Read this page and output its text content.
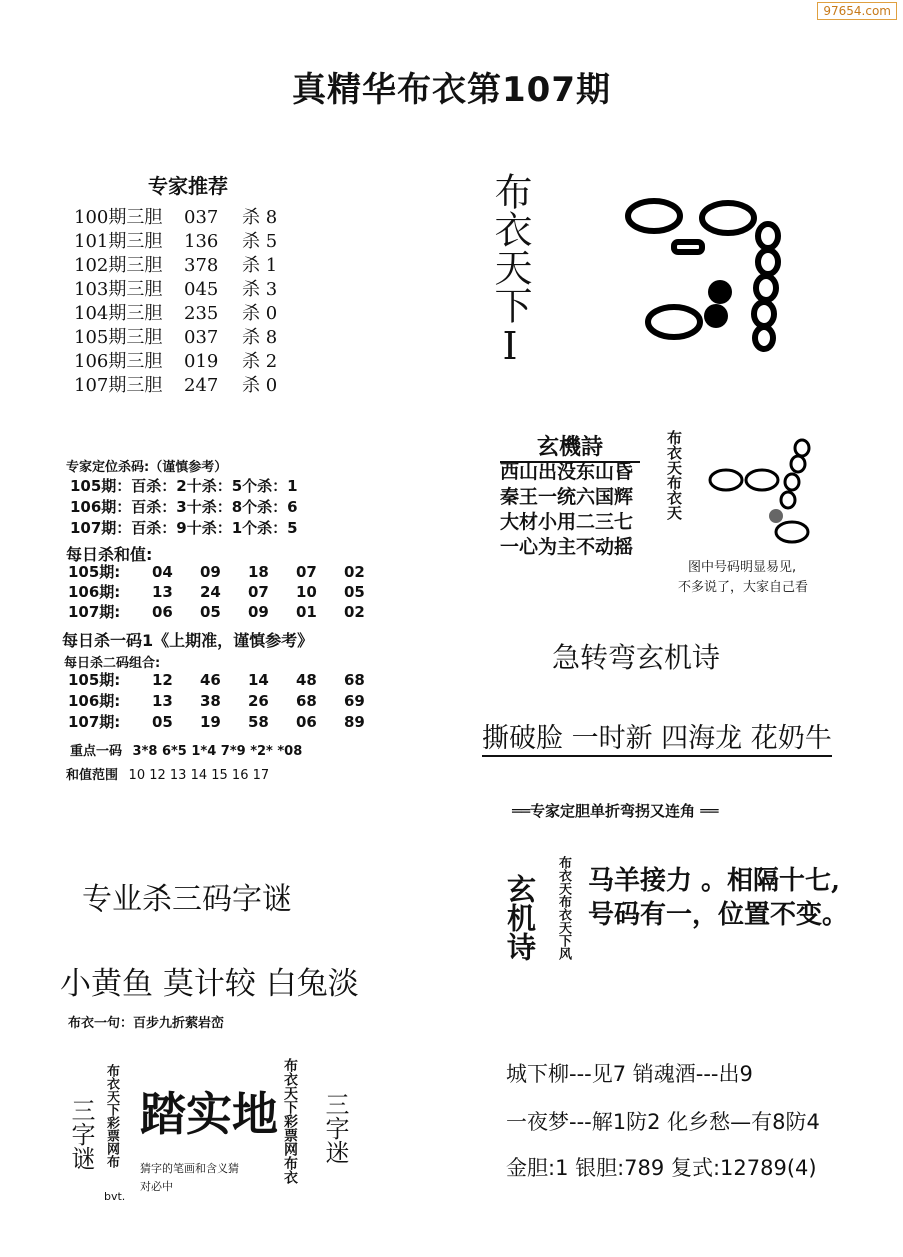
97654.com
真精华布衣第107期
专家推荐
100期三胆	037	杀 8
101期三胆	136	杀 5
102期三胆	378	杀 1
103期三胆	045	杀 3
104期三胆	235	杀 0
105期三胆	037	杀 8
106期三胆	019	杀 2
107期三胆	247	杀 0
专家定位杀码:（谨慎参考）
105期：百杀：2十杀：5个杀：1
106期：百杀：3十杀：8个杀：6
107期：百杀：9十杀：1个杀：5
每日杀和值:
105期: 04	09	18	07	02
106期: 13	24	07	10	05
107期: 06	05	09	01	02
每日杀一码1《上期准，谨慎参考》
每日杀二码组合:
105期: 12	46	14	48	68
106期: 13	38	26	68	69
107期: 05	19	58	06	89
重点一码 3*8 6*5 1*4 7*9 *2* *08
和值范围 10 12 13 14 15 16 17
专业杀三码字谜
小黄鱼 莫计较 白兔淡
布衣一句：百步九折萦岩峦
三字谜 布衣天下彩票网布
bvt.
踏实地
猜字的笔画和含义猜
对必中
布衣天下彩票网布衣 三字迷
布衣天下I
玄機詩
西山出没东山昏
秦王一统六国辉
大材小用二三七
一心为主不动摇
布衣天布衣天
图中号码明显易见,
不多说了，大家自己看
急转弯玄机诗
撕破脸 一时新 四海龙 花奶牛
══专家定胆单折弯拐又连角 ══
玄机诗 布衣天布衣天下风 马羊接力 。相隔十七,
号码有一，位置不变。
城下柳---见7 销魂酒---出9
一夜梦---解1防2 化乡愁—有8防4
金胆:1 银胆:789 复式:12789(4)
